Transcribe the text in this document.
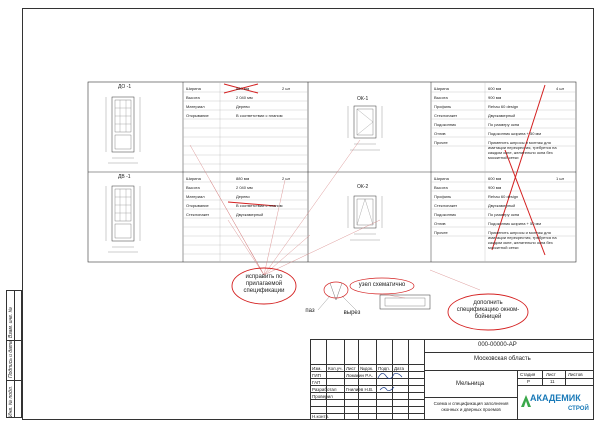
Инв. № подл.
Подпись и дата
Взам. инв. №
ДО -1
ДВ -1
ОК-1
ОК-2
Ширина	880 мм	2 шт
Высота	2 040 мм
Материал	Дерево
Открывание	В соответствии с планом
Ширина	880 мм	2 шт
Высота	2 040 мм
Материал	Дерево
Открывание	В соответствии с планом
Стеклопакет	Двухкамерный
Ширина	600 мм	4 шт
Высота	900 мм
Профиль	Rehau 60 design
Стеклопакет	Двухкамерный
Подоконник	По размеру окна
Отлив	Подоконник ширина + 50 мм
Прочее	Применить шпросы и монтаж для имитации перекрестия, требуется на каждом окне, желательно окна без москитной сетки
Ширина	600 мм	1 шт
Высота	900 мм
Профиль	Rehau 60 design
Стеклопакет	Двухкамерный
Подоконник	По размеру окна
Отлив	Подоконник ширина + 50 мм
Прочее	Применить шпросы и монтаж для имитации перекрестия, требуется на каждом окне, желательно окна без москитной сетки
исправить по прилагаемой спецификации
узел схематично
паз	вырез
дополнить спецификацию окном-бойницей
Изм. Кол.уч. Лист №док. Подп. Дата
ГИП
ГАП
Разработал
Проверил
Н.контр.
Ломакин Р.А.
Гнилиев Н.В.
000-00000-АР
Московская область
Мельница
Схема и спецификация заполнения оконных и дверных проемов
Стадия Лист	Листов
Р	11
АКАДЕМИК
СТРОЙ
